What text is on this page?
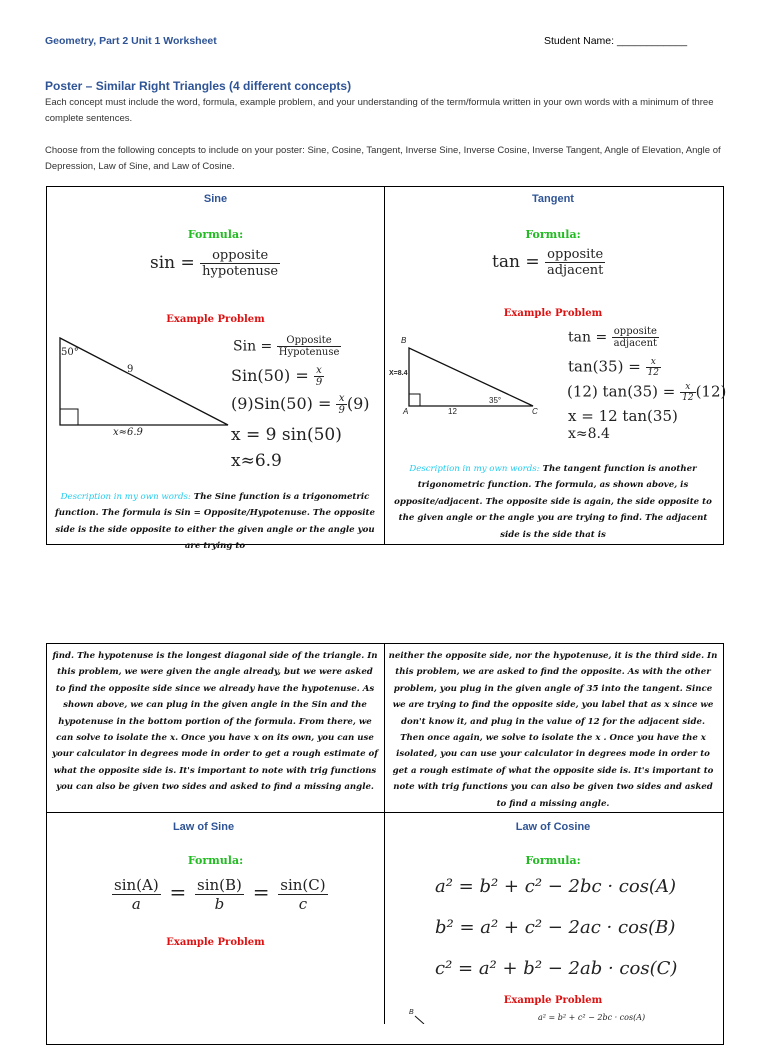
Geometry, Part 2 Unit 1 Worksheet	Student Name: ____________
Poster – Similar Right Triangles (4 different concepts)
Each concept must include the word, formula, example problem, and your understanding of the term/formula written in your own words with a minimum of three complete sentences.
Choose from the following concepts to include on your poster: Sine, Cosine, Tangent, Inverse Sine, Inverse Cosine, Inverse Tangent, Angle of Elevation, Angle of Depression, Law of Sine, and Law of Cosine.
Sine
Formula:
$\sin = \frac{\text{opposite}}{\text{hypotenuse}}$
Example Problem
50°
9
x≈6.9
Sin = $\frac{\text{Opposite}}{\text{Hypotenuse}}$
$Sin(50) = \frac{x}{9}$
$(9)Sin(50) = \frac{x}{9} (9)$
x = 9 sin(50)
x≈6.9
Description in my own words: The Sine function is a trigonometric function. The formula is Sin = Opposite/Hypotenuse. The opposite side is the side opposite to either the given angle or the angle you are trying to
Tangent
Formula:
$\tan = \frac{\text{opposite}}{\text{adjacent}}$
Example Problem
B
X=8.4
A	12
35°
C
$\tan = \frac{\text{opposite}}{\text{adjacent}}$
$\tan(35) = \frac{x}{12}$
(12) $\tan(35) = \frac{x}{12} (12)$
x = 12 tan(35)
x≈8.4
Description in my own words: The tangent function is another trigonometric function. The formula, as shown above, is opposite/adjacent. The opposite side is again, the side opposite to the given angle or the angle you are trying to find. The adjacent side is the side that is
find. The hypotenuse is the longest diagonal side of the triangle. In this problem, we were given the angle already, but we were asked to find the opposite side since we already have the hypotenuse. As shown above, we can plug in the given angle in the Sin and the hypotenuse in the bottom portion of the formula. From there, we can solve to isolate the x. Once you have x on its own, you can use your calculator in degrees mode in order to get a rough estimate of what the opposite side is. It's important to note with trig functions you can also be given two sides and asked to find a missing angle.
neither the opposite side, nor the hypotenuse, it is the third side. In this problem, we are asked to find the opposite. As with the other problem, you plug in the given angle of 35 into the tangent. Since we are trying to find the opposite side, you label that as x since we don't know it, and plug in the value of 12 for the adjacent side. Then once again, we solve to isolate the x . Once you have the x isolated, you can use your calculator in degrees mode in order to get a rough estimate of what the opposite side is. It's important to note with trig functions you can also be given two sides and asked to find a missing angle.
Law of Sine
Formula:
$\frac{\sin(A)}{a} = \frac{\sin(B)}{b} = \frac{\sin(C)}{c}$
Example Problem
Law of Cosine
Formula:
a² = b² + c² − 2bc · cos(A)
b² = a² + c² − 2ac · cos(B)
c² = a² + b² − 2ab · cos(C)
Example Problem
a² = b² + c² − 2bc · cos(A)
B
